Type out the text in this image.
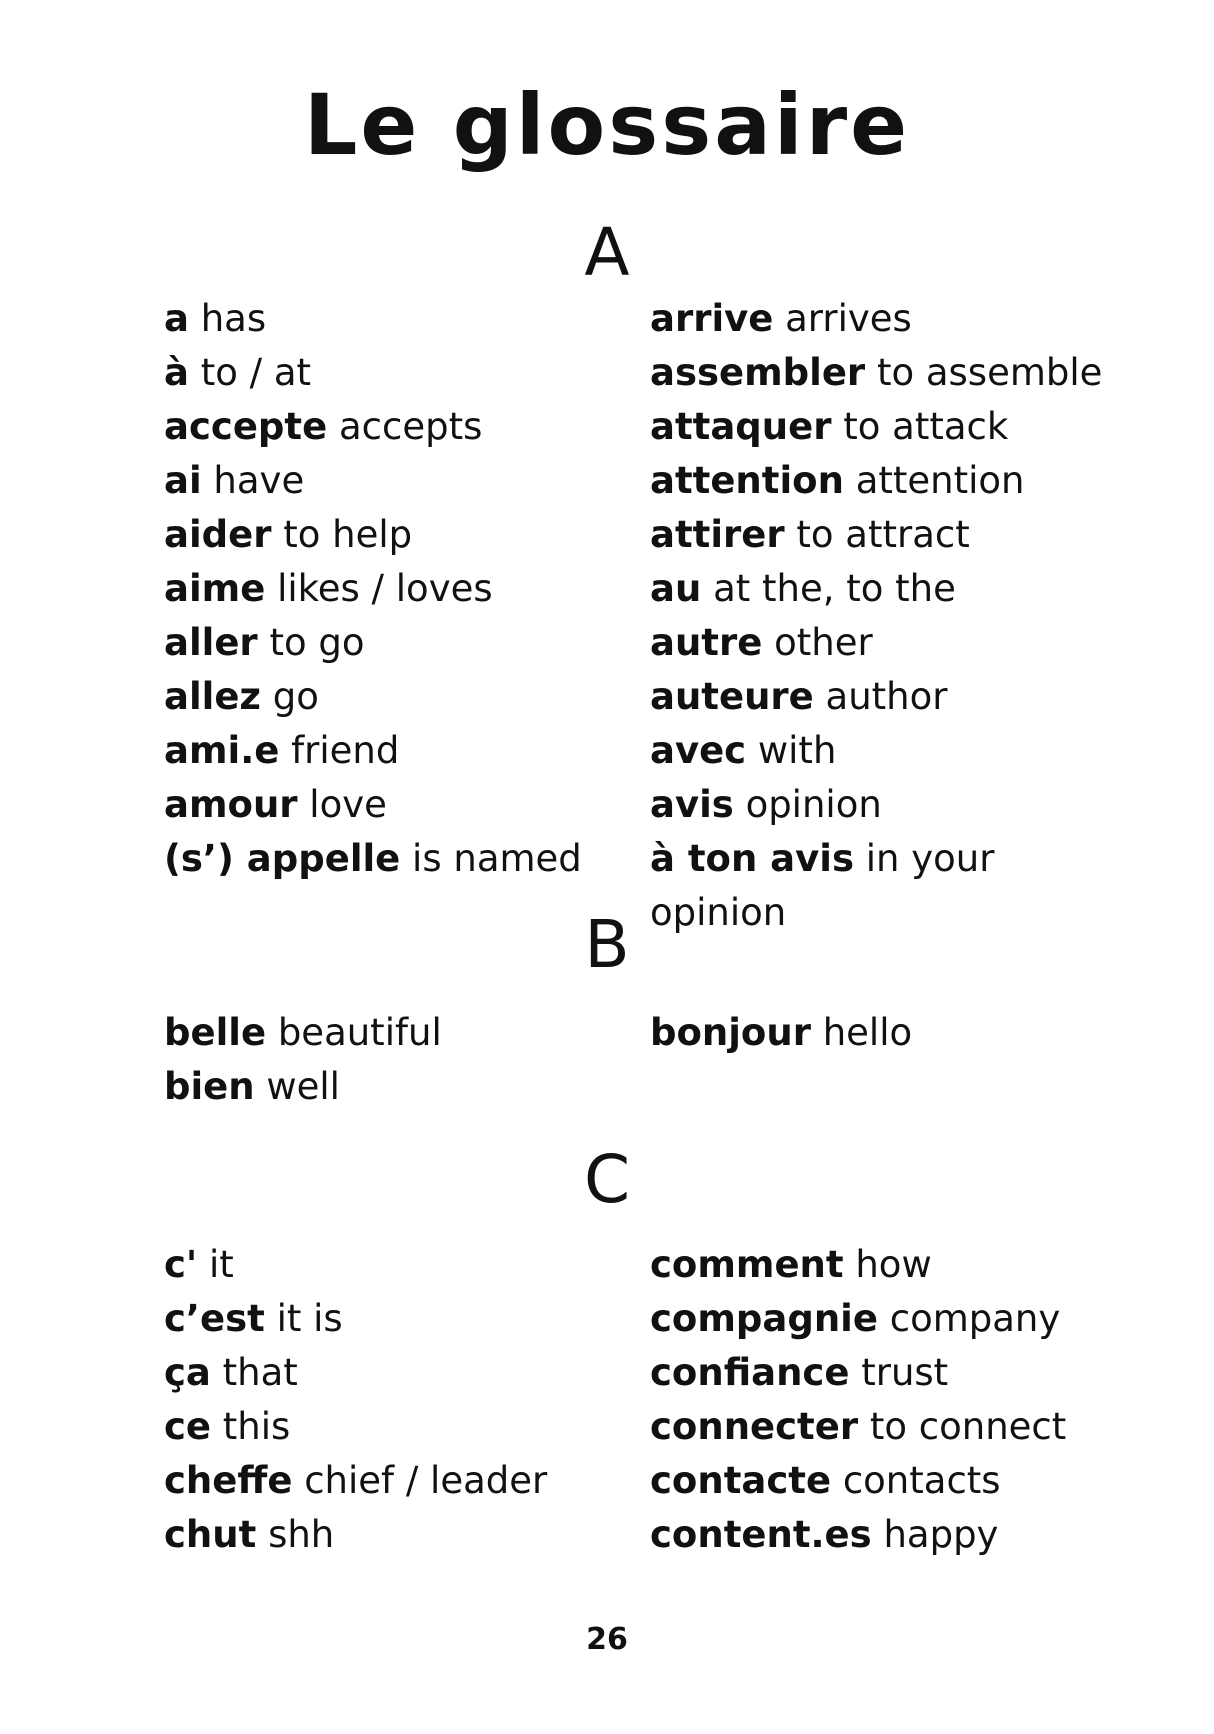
Le glossaire
A
a has
à to / at
accepte accepts
ai have
aider to help
aime likes / loves
aller to go
allez go
ami.e friend
amour love
(s’) appelle is named
arrive arrives
assembler to assemble
attaquer to attack
attention attention
attirer to attract
au at the, to the
autre other
auteure author
avec with
avis opinion
à ton avis in your
opinion
B
belle beautiful
bien well
bonjour hello
C
c' it
c’est it is
ça that
ce this
cheffe chief / leader
chut shh
comment how
compagnie company
confiance trust
connecter to connect
contacte contacts
content.es happy
26
